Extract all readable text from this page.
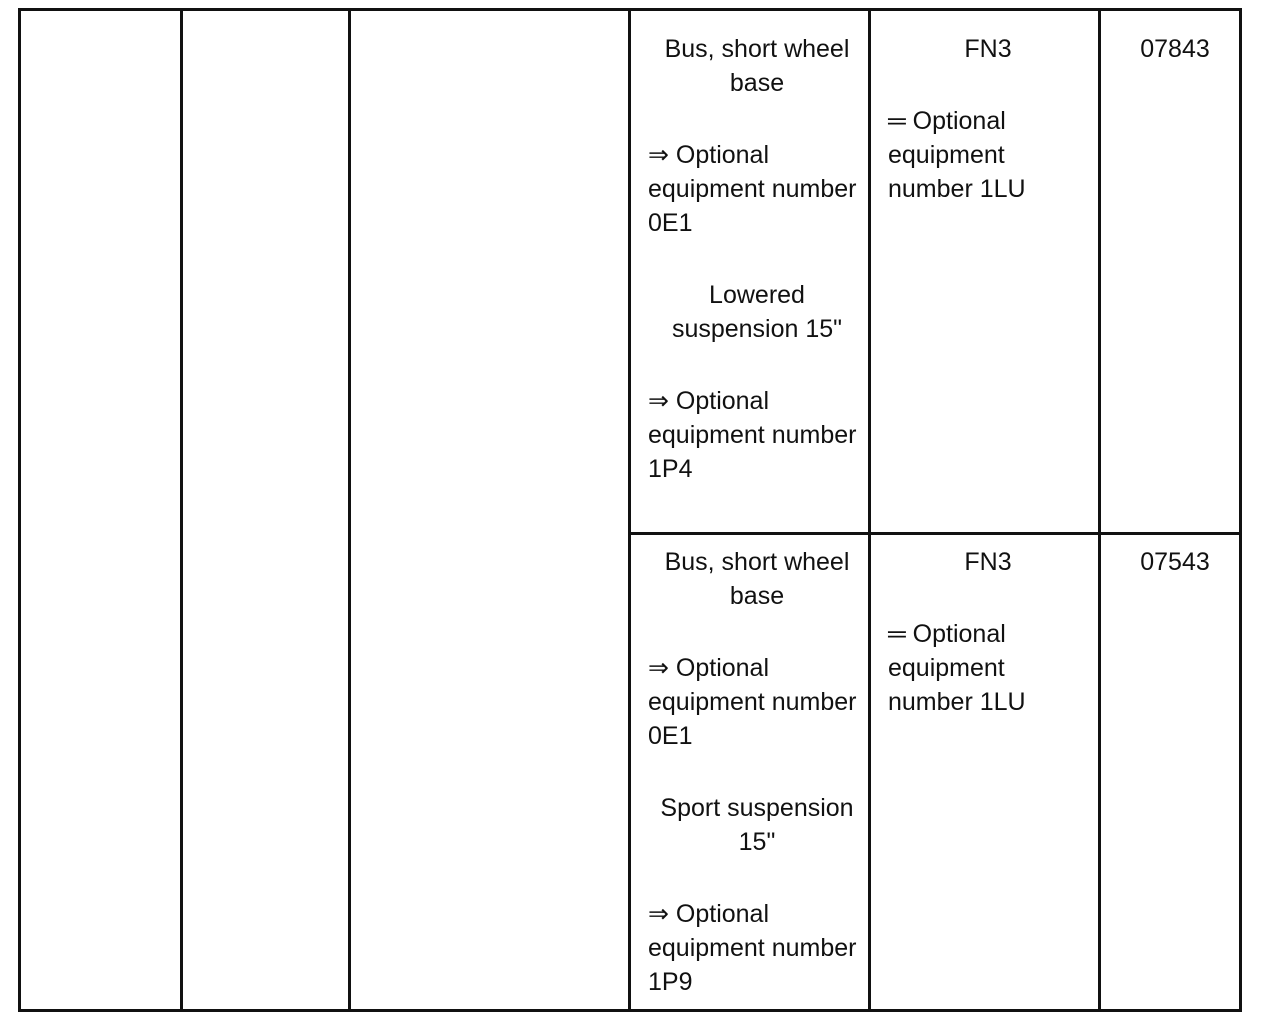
Bus, short wheel base
⇒ Optional equipment number 0E1
Lowered suspension 15"
⇒ Optional equipment number 1P4
FN3
═ Optional equipment number 1LU
07843
Bus, short wheel base
⇒ Optional equipment number 0E1
Sport suspension 15"
⇒ Optional equipment number 1P9
FN3
═ Optional equipment number 1LU
07543
